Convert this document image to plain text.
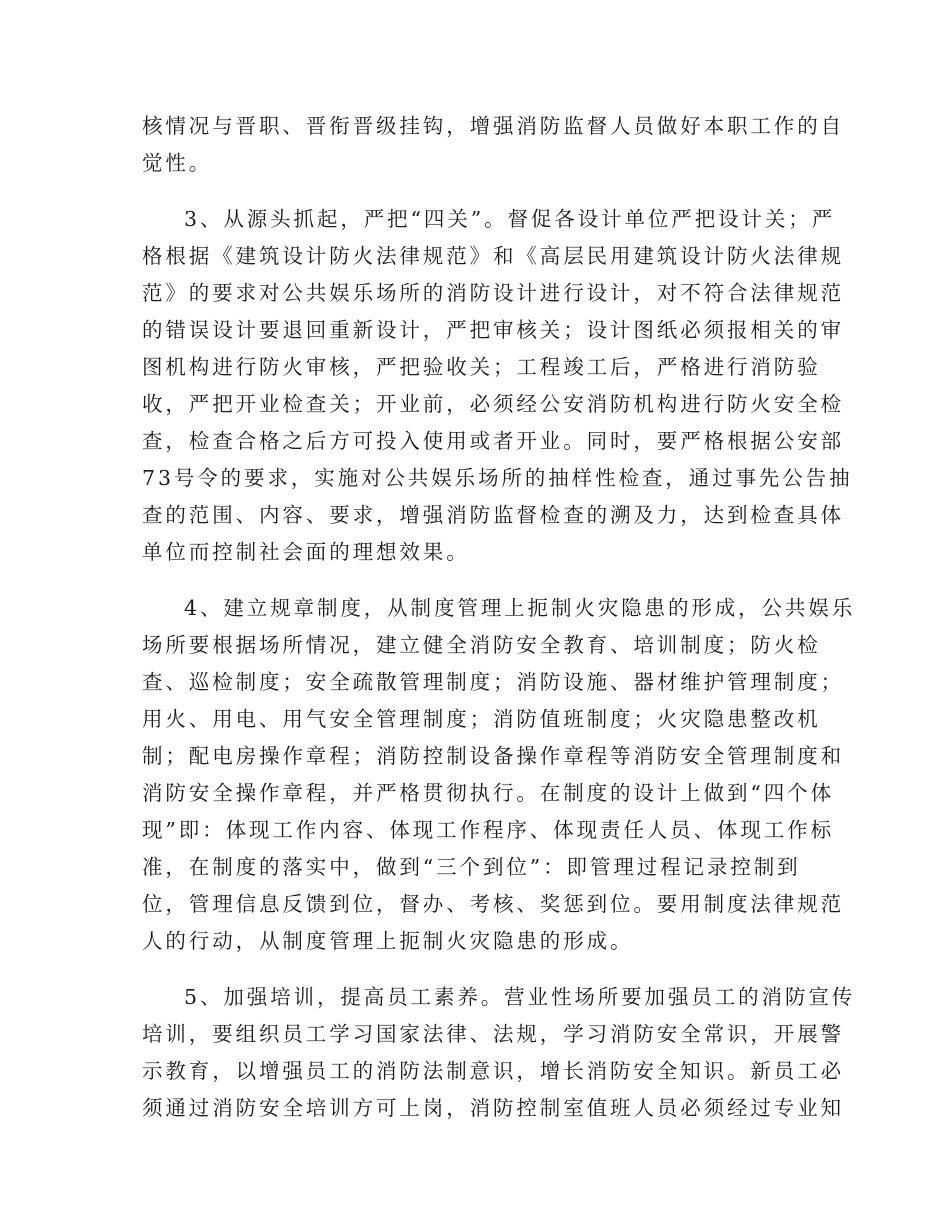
核情况与晋职、晋衔晋级挂钩，增强消防监督人员做好本职工作的自
觉性。
3、从源头抓起，严把“四关”。督促各设计单位严把设计关；严
格根据《建筑设计防火法律规范》和《高层民用建筑设计防火法律规
范》的要求对公共娱乐场所的消防设计进行设计，对不符合法律规范
的错误设计要退回重新设计，严把审核关；设计图纸必须报相关的审
图机构进行防火审核，严把验收关；工程竣工后，严格进行消防验
收，严把开业检查关；开业前，必须经公安消防机构进行防火安全检
查，检查合格之后方可投入使用或者开业。同时，要严格根据公安部
73号令的要求，实施对公共娱乐场所的抽样性检查，通过事先公告抽
查的范围、内容、要求，增强消防监督检查的溯及力，达到检查具体
单位而控制社会面的理想效果。
4、建立规章制度，从制度管理上扼制火灾隐患的形成，公共娱乐
场所要根据场所情况，建立健全消防安全教育、培训制度；防火检
查、巡检制度；安全疏散管理制度；消防设施、器材维护管理制度；
用火、用电、用气安全管理制度；消防值班制度；火灾隐患整改机
制；配电房操作章程；消防控制设备操作章程等消防安全管理制度和
消防安全操作章程，并严格贯彻执行。在制度的设计上做到“四个体
现”即：体现工作内容、体现工作程序、体现责任人员、体现工作标
准，在制度的落实中，做到“三个到位”：即管理过程记录控制到
位，管理信息反馈到位，督办、考核、奖惩到位。要用制度法律规范
人的行动，从制度管理上扼制火灾隐患的形成。
5、加强培训，提高员工素养。营业性场所要加强员工的消防宣传
培训，要组织员工学习国家法律、法规，学习消防安全常识，开展警
示教育，以增强员工的消防法制意识，增长消防安全知识。新员工必
须通过消防安全培训方可上岗，消防控制室值班人员必须经过专业知
